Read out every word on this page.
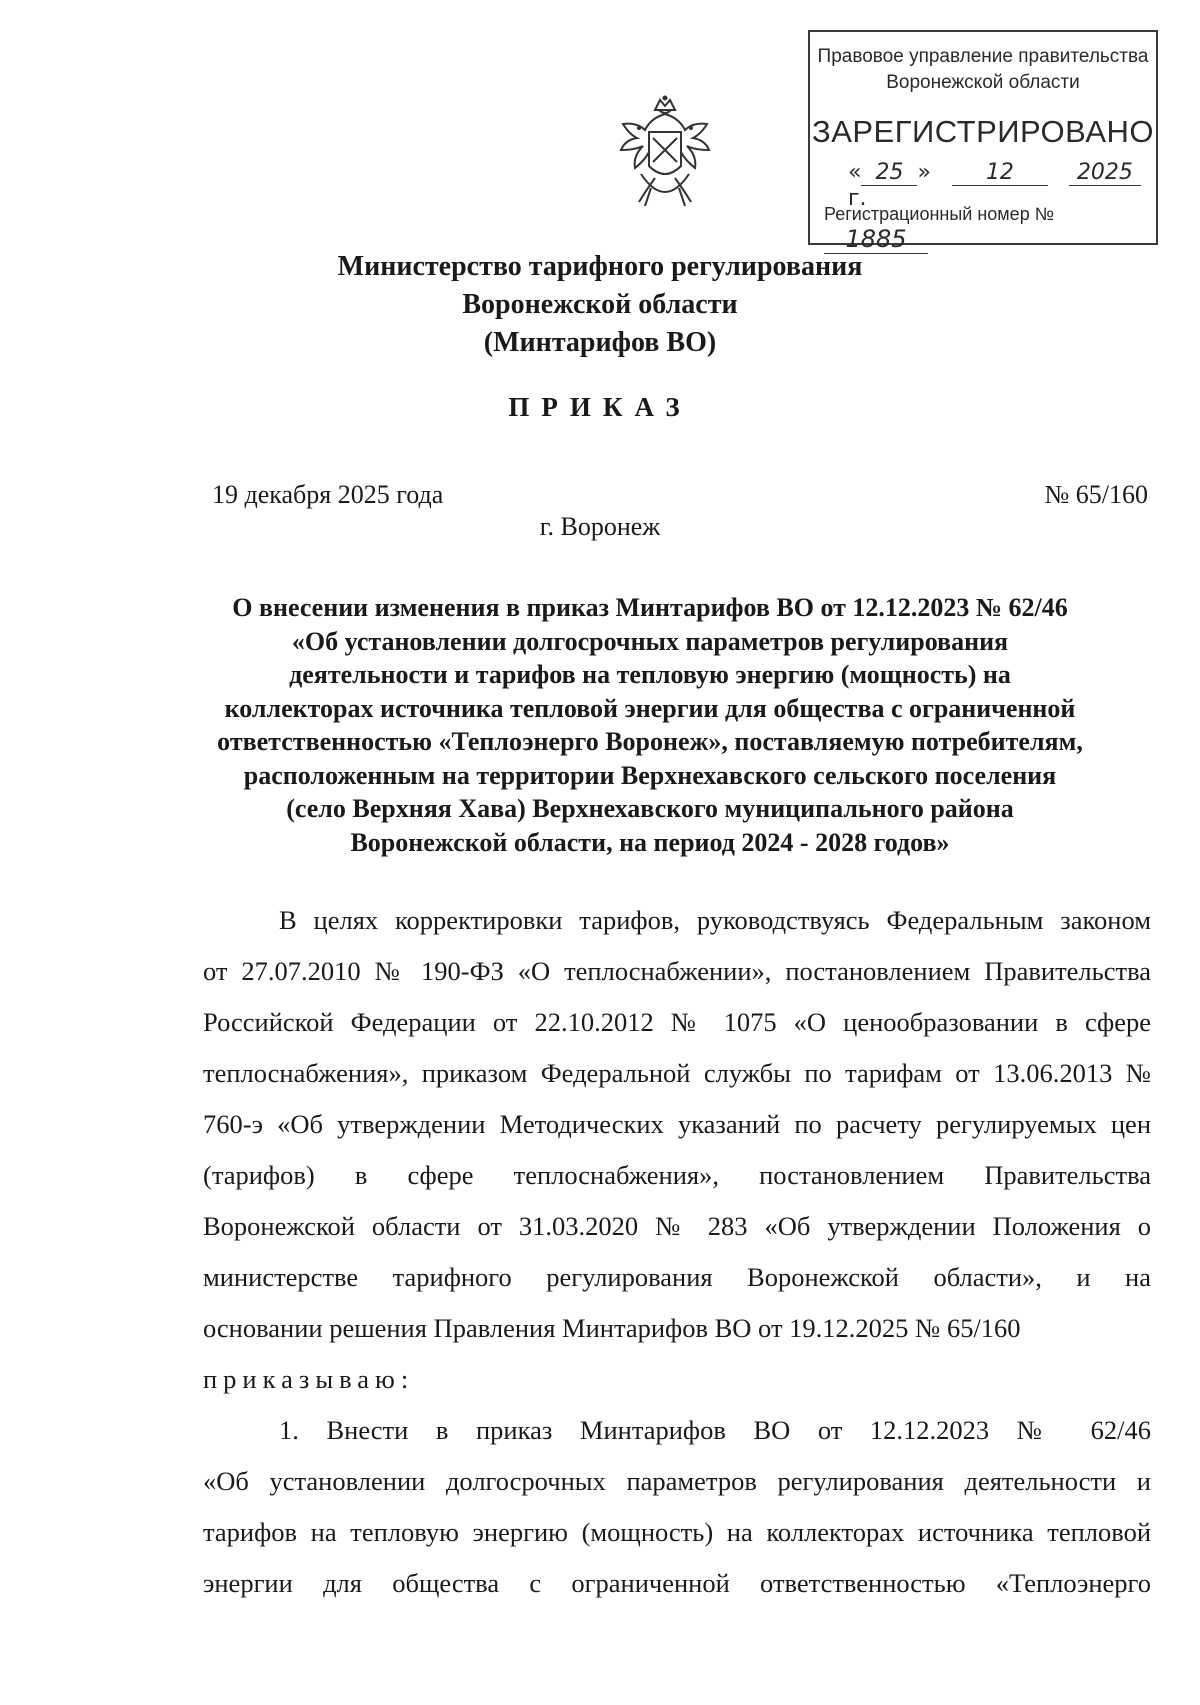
Правовое управление правительства
Воронежской области
ЗАРЕГИСТРИРОВАНО
« 25 »	12	2025г.
Регистрационный номер № 1885
Министерство тарифного регулирования
Воронежской области
(Минтарифов ВО)
ПРИКАЗ
19 декабря 2025 года	№ 65/160
г. Воронеж
О внесении изменения в приказ Минтарифов ВО от 12.12.2023 № 62/46
«Об установлении долгосрочных параметров регулирования
деятельности и тарифов на тепловую энергию (мощность) на
коллекторах источника тепловой энергии для общества с ограниченной
ответственностью «Теплоэнерго Воронеж», поставляемую потребителям,
расположенным на территории Верхнехавского сельского поселения
(село Верхняя Хава) Верхнехавского муниципального района
Воронежской области, на период 2024 - 2028 годов»
В целях корректировки тарифов, руководствуясь Федеральным законом
от 27.07.2010 № 190-ФЗ «О теплоснабжении», постановлением Правительства
Российской Федерации от 22.10.2012 № 1075 «О ценообразовании в сфере
теплоснабжения», приказом Федеральной службы по тарифам от 13.06.2013 №
760-э «Об утверждении Методических указаний по расчету регулируемых цен
(тарифов) в сфере теплоснабжения», постановлением Правительства
Воронежской области от 31.03.2020 № 283 «Об утверждении Положения о
министерстве тарифного регулирования Воронежской области», и на
основании решения Правления Минтарифов ВО от 19.12.2025 № 65/160
приказываю:
1. Внести в приказ Минтарифов ВО от 12.12.2023 № 62/46
«Об установлении долгосрочных параметров регулирования деятельности и
тарифов на тепловую энергию (мощность) на коллекторах источника тепловой
энергии для общества с ограниченной ответственностью «Теплоэнерго
